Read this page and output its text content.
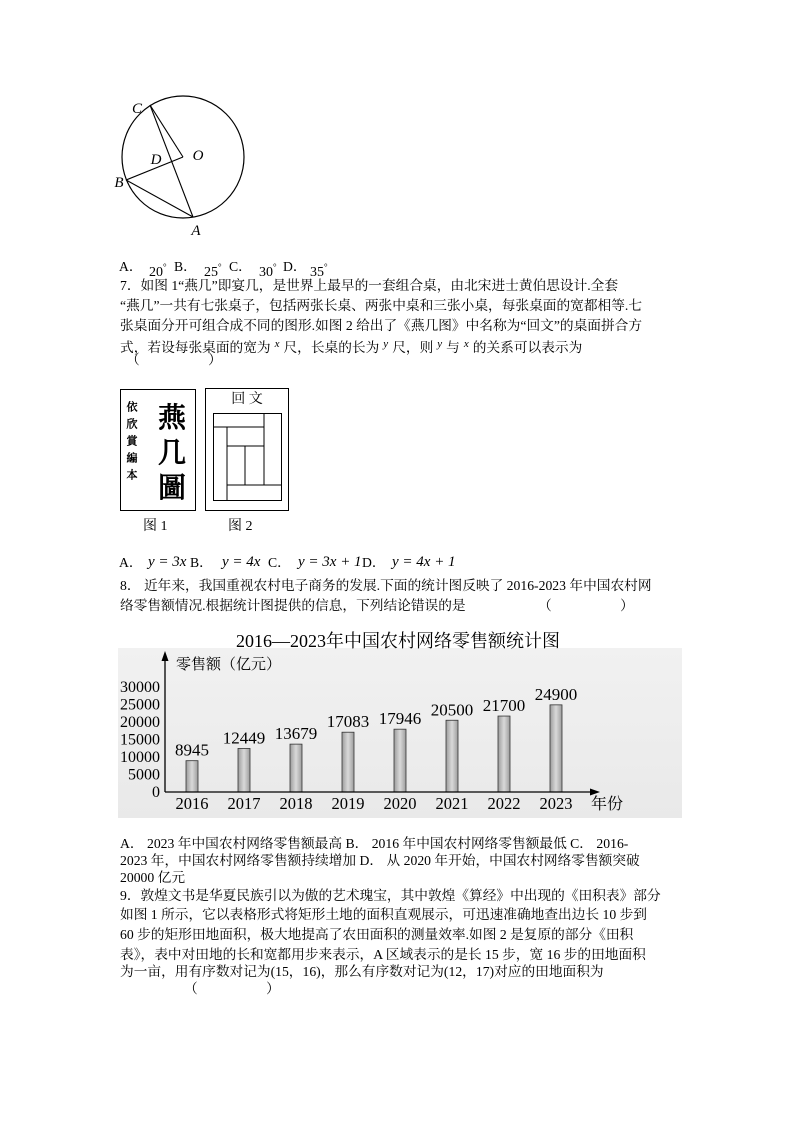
C
O
D
B
A
A． 20° B． 25° C． 30° D． 35°
7．如图 1“燕几”即宴几，是世界上最早的一套组合桌，由北宋进士黄伯思设计.全套
“燕几”一共有七张桌子，包括两张长桌、两张中桌和三张小桌，每张桌面的宽都相等.七
张桌面分开可组合成不同的图形.如图 2 给出了《燕几图》中名称为“回文”的桌面拼合方
式，若设每张桌面的宽为 $^x$ 尺，长桌的长为 $^y$ 尺，则 $^y$ 与 $^x$ 的关系可以表示为
（　　　　　）
依欣賞編本 燕
几
圖
回 文
图 1	图 2
A． y = 3x B． y = 4x C． y = 3x + 1 D． y = 4x + 1
8． 近年来，我国重视农村电子商务的发展.下面的统计图反映了 2016-2023 年中国农村网
络零售额情况.根据统计图提供的信息，下列结论错误的是	（　　　　　）
2016—2023年中国农村网络零售额统计图
零售额（亿元）
0
5000
10000
15000
20000
25000
30000
8945
2016
12449
2017
13679
2018
17083
2019
17946
2020
20500
2021
21700
2022
24900
2023 年份
A． 2023 年中国农村网络零售额最高 B． 2016 年中国农村网络零售额最低 C． 2016-
2023 年，中国农村网络零售额持续增加 D． 从 2020 年开始，中国农村网络零售额突破
20000 亿元
9．敦煌文书是华夏民族引以为傲的艺术瑰宝，其中敦煌《算经》中出现的《田积表》部分
如图 1 所示，它以表格形式将矩形土地的面积直观展示，可迅速准确地查出边长 10 步到
60 步的矩形田地面积，极大地提高了农田面积的测量效率.如图 2 是复原的部分《田积
表》，表中对田地的长和宽都用步来表示，A 区域表示的是长 15 步，宽 16 步的田地面积
为一亩，用有序数对记为(15，16)，那么有序数对记为(12，17)对应的田地面积为
（　　　　　）
